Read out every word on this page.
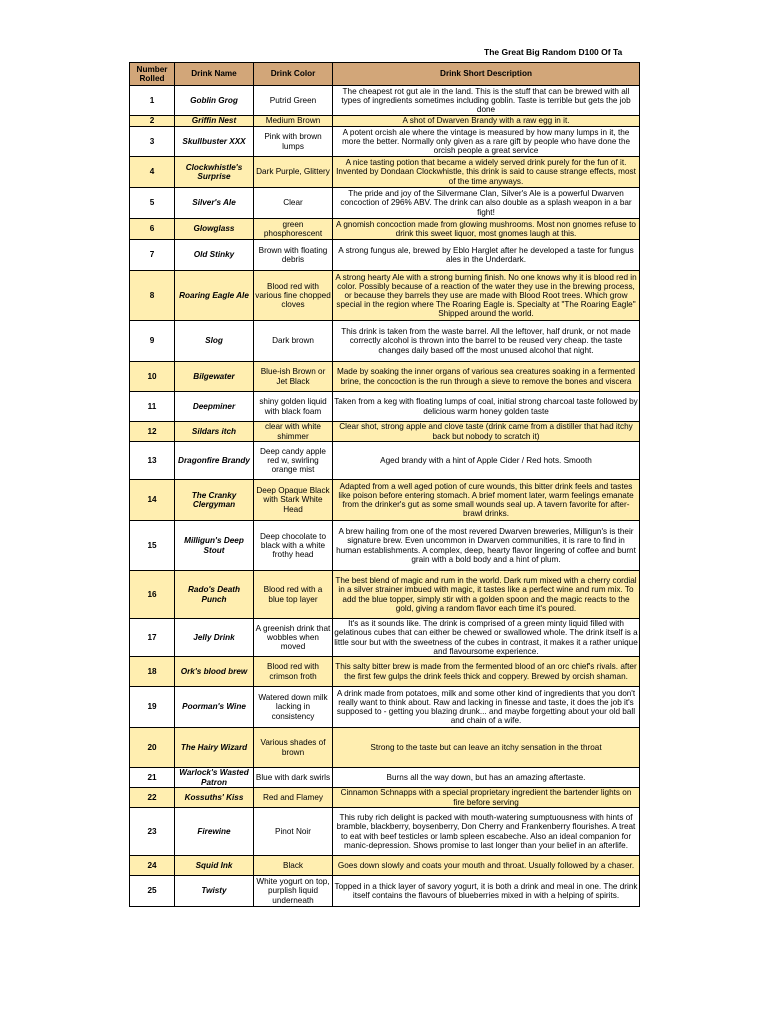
The Great Big Random D100 Of Ta
Number Rolled	Drink Name	Drink Color	Drink Short Description
1	Goblin Grog	Putrid Green	The cheapest rot gut ale in the land. This is the stuff that can be brewed with all types of ingredients sometimes including goblin. Taste is terrible but gets the job done
2	Griffin Nest	Medium Brown	A shot of Dwarven Brandy with a raw egg in it.
3	Skullbuster XXX	Pink with brown lumps	A potent orcish ale where the vintage is measured by how many lumps in it, the more the better. Normally only given as a rare gift by people who have done the orcish people a great service
4	Clockwhistle's Surprise	Dark Purple, Glittery	A nice tasting potion that became a widely served drink purely for the fun of it. Invented by Dondaan Clockwhistle, this drink is said to cause strange effects, most of the time anyways.
5	Silver's Ale	Clear	The pride and joy of the Silvermane Clan, Silver's Ale is a powerful Dwarven concoction of 296% ABV. The drink can also double as a splash weapon in a bar fight!
6	Glowglass	green phosphorescent	A gnomish concoction made from glowing mushrooms. Most non gnomes refuse to drink this sweet liquor, most gnomes laugh at this.
7	Old Stinky	Brown with floating debris	A strong fungus ale, brewed by Eblo Harglet after he developed a taste for fungus ales in the Underdark.
8	Roaring Eagle Ale	Blood red with various fine chopped cloves	A strong hearty Ale with a strong burning finish. No one knows why it is blood red in color. Possibly because of a reaction of the water they use in the brewing process, or because they barrels they use are made with Blood Root trees. Which grow special in the region where The Roaring Eagle is. Specialty at "The Roaring Eagle" Shipped around the world.
9	Slog	Dark brown	This drink is taken from the waste barrel. All the leftover, half drunk, or not made correctly alcohol is thrown into the barrel to be reused very cheap. the taste changes daily based off the most unused alcohol that night.
10	Bilgewater	Blue-ish Brown or Jet Black	Made by soaking the inner organs of various sea creatures soaking in a fermented brine, the concoction is the run through a sieve to remove the bones and viscera
11	Deepminer	shiny golden liquid with black foam	Taken from a keg with floating lumps of coal, initial strong charcoal taste followed by delicious warm honey golden taste
12	Sildars itch	clear with white shimmer	Clear shot, strong apple and clove taste (drink came from a distiller that had itchy back but nobody to scratch it)
13	Dragonfire Brandy	Deep candy apple red w, swirling orange mist	Aged brandy with a hint of Apple Cider / Red hots. Smooth
14	The Cranky Clergyman	Deep Opaque Black with Stark White Head	Adapted from a well aged potion of cure wounds, this bitter drink feels and tastes like poison before entering stomach. A brief moment later, warm feelings emanate from the drinker's gut as some small wounds seal up. A tavern favorite for after-brawl drinks.
15	Milligun's Deep Stout	Deep chocolate to black with a white frothy head	A brew hailing from one of the most revered Dwarven breweries, Milligun's is their signature brew. Even uncommon in Dwarven communities, it is rare to find in human establishments. A complex, deep, hearty flavor lingering of coffee and burnt grain with a bold body and a hint of plum.
16	Rado's Death Punch	Blood red with a blue top layer	The best blend of magic and rum in the world. Dark rum mixed with a cherry cordial in a silver strainer imbued with magic, it tastes like a perfect wine and rum mix. To add the blue topper, simply stir with a golden spoon and the magic reacts to the gold, giving a random flavor each time it's poured.
17	Jelly Drink	A greenish drink that wobbles when moved	It's as it sounds like. The drink is comprised of a green minty liquid filled with gelatinous cubes that can either be chewed or swallowed whole. The drink itself is a little sour but with the sweetness of the cubes in contrast, it makes it a rather unique and flavoursome experience.
18	Ork's blood brew	Blood red with crimson froth	This salty bitter brew is made from the fermented blood of an orc chief's rivals. after the first few gulps the drink feels thick and coppery. Brewed by orcish shaman.
19	Poorman's Wine	Watered down milk lacking in consistency	A drink made from potatoes, milk and some other kind of ingredients that you don't really want to think about. Raw and lacking in finesse and taste, it does the job it's supposed to - getting you blazing drunk... and maybe forgetting about your old ball and chain of a wife.
20	The Hairy Wizard	Various shades of brown	Strong to the taste but can leave an itchy sensation in the throat
21	Warlock's Wasted Patron	Blue with dark swirls	Burns all the way down, but has an amazing aftertaste.
22	Kossuths' Kiss	Red and Flamey	Cinnamon Schnapps with a special proprietary ingredient the bartender lights on fire before serving
23	Firewine	Pinot Noir	This ruby rich delight is packed with mouth-watering sumptuousness with hints of bramble, blackberry, boysenberry, Don Cherry and Frankenberry flourishes. A treat to eat with beef testicles or lamb spleen escabeche. Also an ideal companion for manic-depression. Shows promise to last longer than your belief in an afterlife.
24	Squid Ink	Black	Goes down slowly and coats your mouth and throat. Usually followed by a chaser.
25	Twisty	White yogurt on top, purplish liquid underneath	Topped in a thick layer of savory yogurt, it is both a drink and meal in one. The drink itself contains the flavours of blueberries mixed in with a helping of spirits.
